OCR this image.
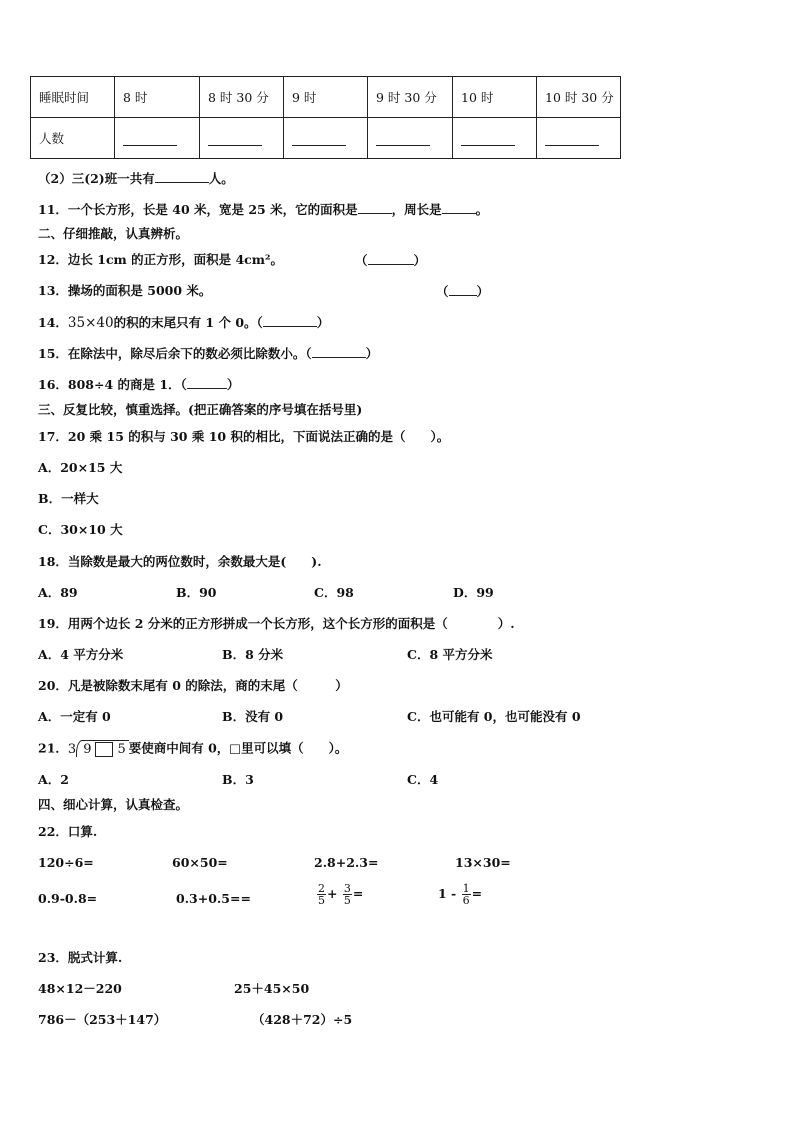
睡眠时间	8 时	8 时 30 分	9 时	9 时 30 分	10 时	10 时 30 分
人数						
（2）三(2)班一共有	人。
11．一个长方形，长是 40 米，宽是 25 米，它的面积是	，周长是	。
二、仔细推敲，认真辨析。
12．边长 1cm 的正方形，面积是 4cm²。	（	）
13．操场的面积是 5000 米。	（ ）
14．35×40的积的末尾只有 1 个 0。（	）
15．在除法中，除尽后余下的数必须比除数小。（	）
16．808÷4 的商是 1．（	）
三、反复比较，慎重选择。(把正确答案的序号填在括号里)
17．20 乘 15 的积与 30 乘 10 积的相比，下面说法正确的是（　　）。
A．20×15 大
B．一样大
C．30×10 大
18．当除数是最大的两位数时，余数最大是(　　).
A．89	B．90	C．98	D．99
19．用两个边长 2 分米的正方形拼成一个长方形，这个长方形的面积是（　　　　）.
A．4 平方分米	B．8 分米	C．8 平方分米
20．凡是被除数末尾有 0 的除法，商的末尾（　　　）
A．一定有 0	B．没有 0	C．也可能有 0，也可能没有 0
21．3 9 5 要使商中间有 0，□里可以填（　　）。
A．2	B．3	C．4
四、细心计算，认真检查。
22．口算.
120÷6=	60×50=	2.8+2.3=	13×30=
0.9-0.8=	0.3+0.5==	$\frac{2}{5} + \frac{3}{5}$ =	$1 - \frac{1}{6}$ =
23．脱式计算.
48×12－220	25＋45×50
786－（253＋147）	（428＋72）÷5
